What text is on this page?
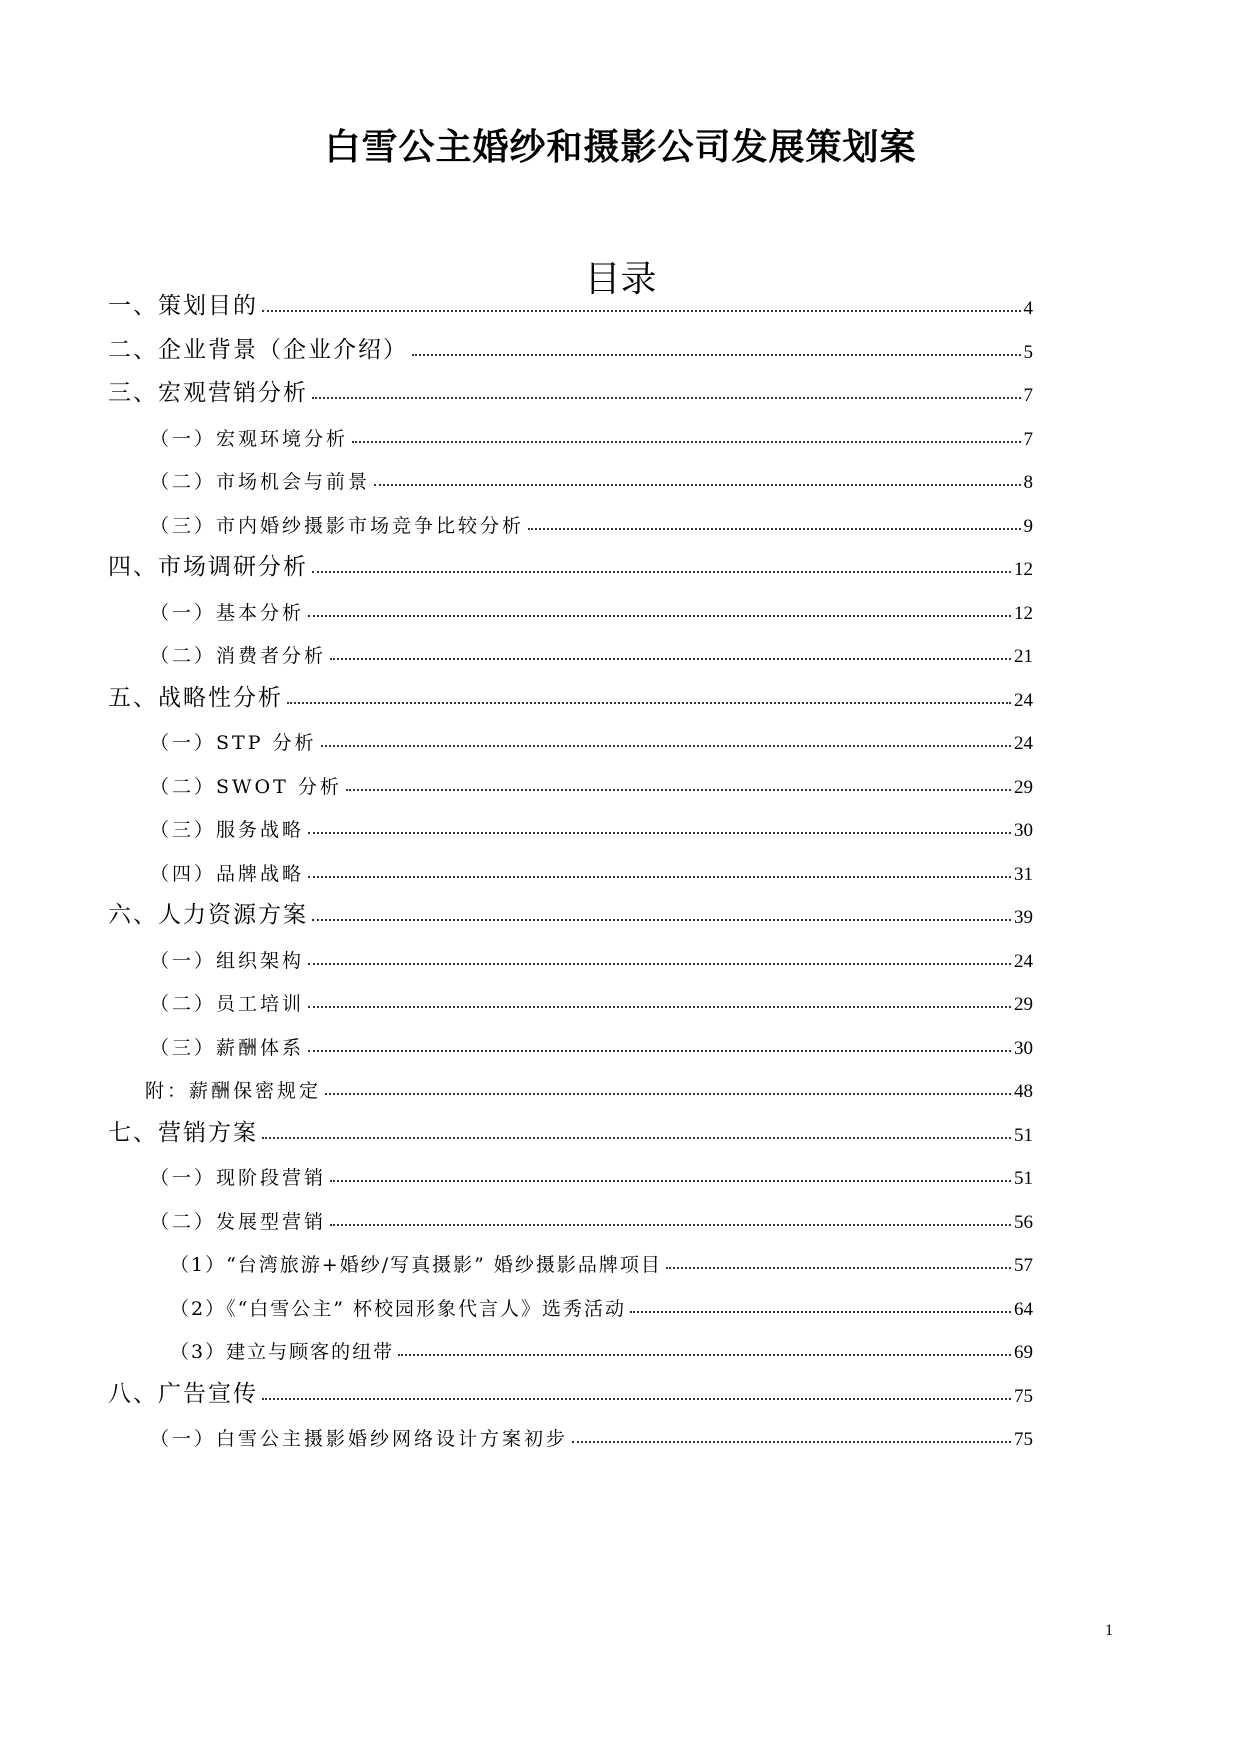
白雪公主婚纱和摄影公司发展策划案
目录
一、策划目的	4
二、企业背景（企业介绍）	5
三、宏观营销分析	7
（一）宏观环境分析	7
（二）市场机会与前景	8
（三）市内婚纱摄影市场竞争比较分析	9
四、市场调研分析	12
（一）基本分析	12
（二）消费者分析	21
五、战略性分析	24
（一）STP 分析	24
（二）SWOT 分析	29
（三）服务战略	30
（四）品牌战略	31
六、人力资源方案	39
（一）组织架构	24
（二）员工培训	29
（三）薪酬体系	30
附：薪酬保密规定	48
七、营销方案	51
（一）现阶段营销	51
（二）发展型营销	56
（1）“台湾旅游+婚纱/写真摄影” 婚纱摄影品牌项目	57
（2）《“白雪公主” 杯校园形象代言人》选秀活动	64
（3）建立与顾客的纽带	69
八、广告宣传	75
（一）白雪公主摄影婚纱网络设计方案初步	75
1
